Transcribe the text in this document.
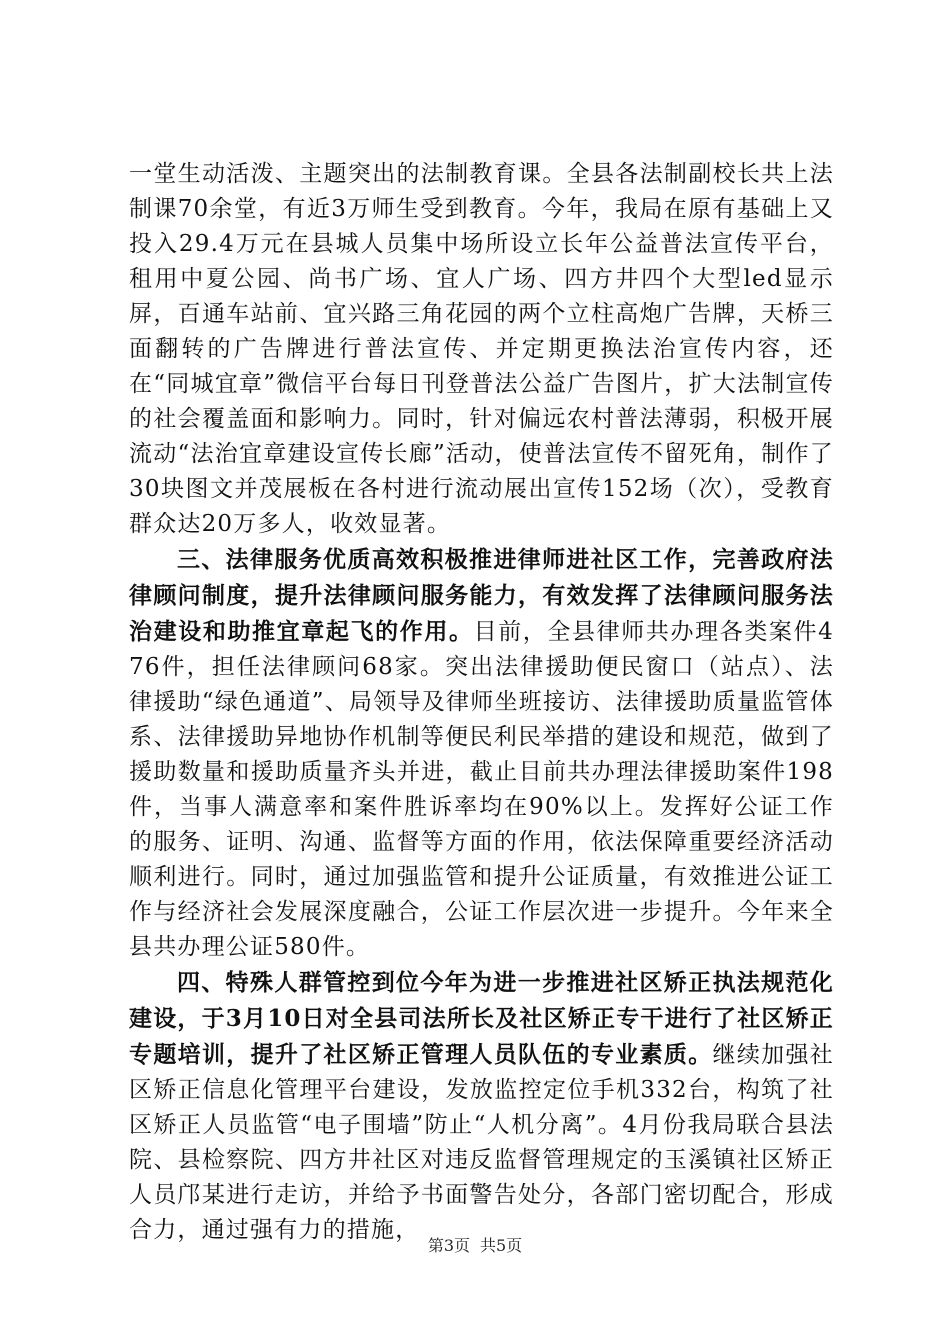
一堂生动活泼、主题突出的法制教育课。全县各法制副校长共上法制课70余堂，有近3万师生受到教育。今年，我局在原有基础上又投入29.4万元在县城人员集中场所设立长年公益普法宣传平台，租用中夏公园、尚书广场、宜人广场、四方井四个大型led显示屏，百通车站前、宜兴路三角花园的两个立柱高炮广告牌，天桥三面翻转的广告牌进行普法宣传、并定期更换法治宣传内容，还在“同城宜章”微信平台每日刊登普法公益广告图片，扩大法制宣传的社会覆盖面和影响力。同时，针对偏远农村普法薄弱，积极开展流动“法治宜章建设宣传长廊”活动，使普法宣传不留死角，制作了30块图文并茂展板在各村进行流动展出宣传152场（次），受教育群众达20万多人，收效显著。

三、法律服务优质高效积极推进律师进社区工作，完善政府法律顾问制度，提升法律顾问服务能力，有效发挥了法律顾问服务法治建设和助推宜章起飞的作用。目前，全县律师共办理各类案件476件，担任法律顾问68家。突出法律援助便民窗口（站点）、法律援助“绿色通道”、局领导及律师坐班接访、法律援助质量监管体系、法律援助异地协作机制等便民利民举措的建设和规范，做到了援助数量和援助质量齐头并进，截止目前共办理法律援助案件198件，当事人满意率和案件胜诉率均在90%以上。发挥好公证工作的服务、证明、沟通、监督等方面的作用，依法保障重要经济活动顺利进行。同时，通过加强监管和提升公证质量，有效推进公证工作与经济社会发展深度融合，公证工作层次进一步提升。今年来全县共办理公证580件。

四、特殊人群管控到位今年为进一步推进社区矫正执法规范化建设，于3月10日对全县司法所长及社区矫正专干进行了社区矫正专题培训，提升了社区矫正管理人员队伍的专业素质。继续加强社区矫正信息化管理平台建设，发放监控定位手机332台，构筑了社区矫正人员监管“电子围墙”防止“人机分离”。4月份我局联合县法院、县检察院、四方井社区对违反监督管理规定的玉溪镇社区矫正人员邝某进行走访，并给予书面警告处分，各部门密切配合，形成合力，通过强有力的措施，

第3页 共5页
